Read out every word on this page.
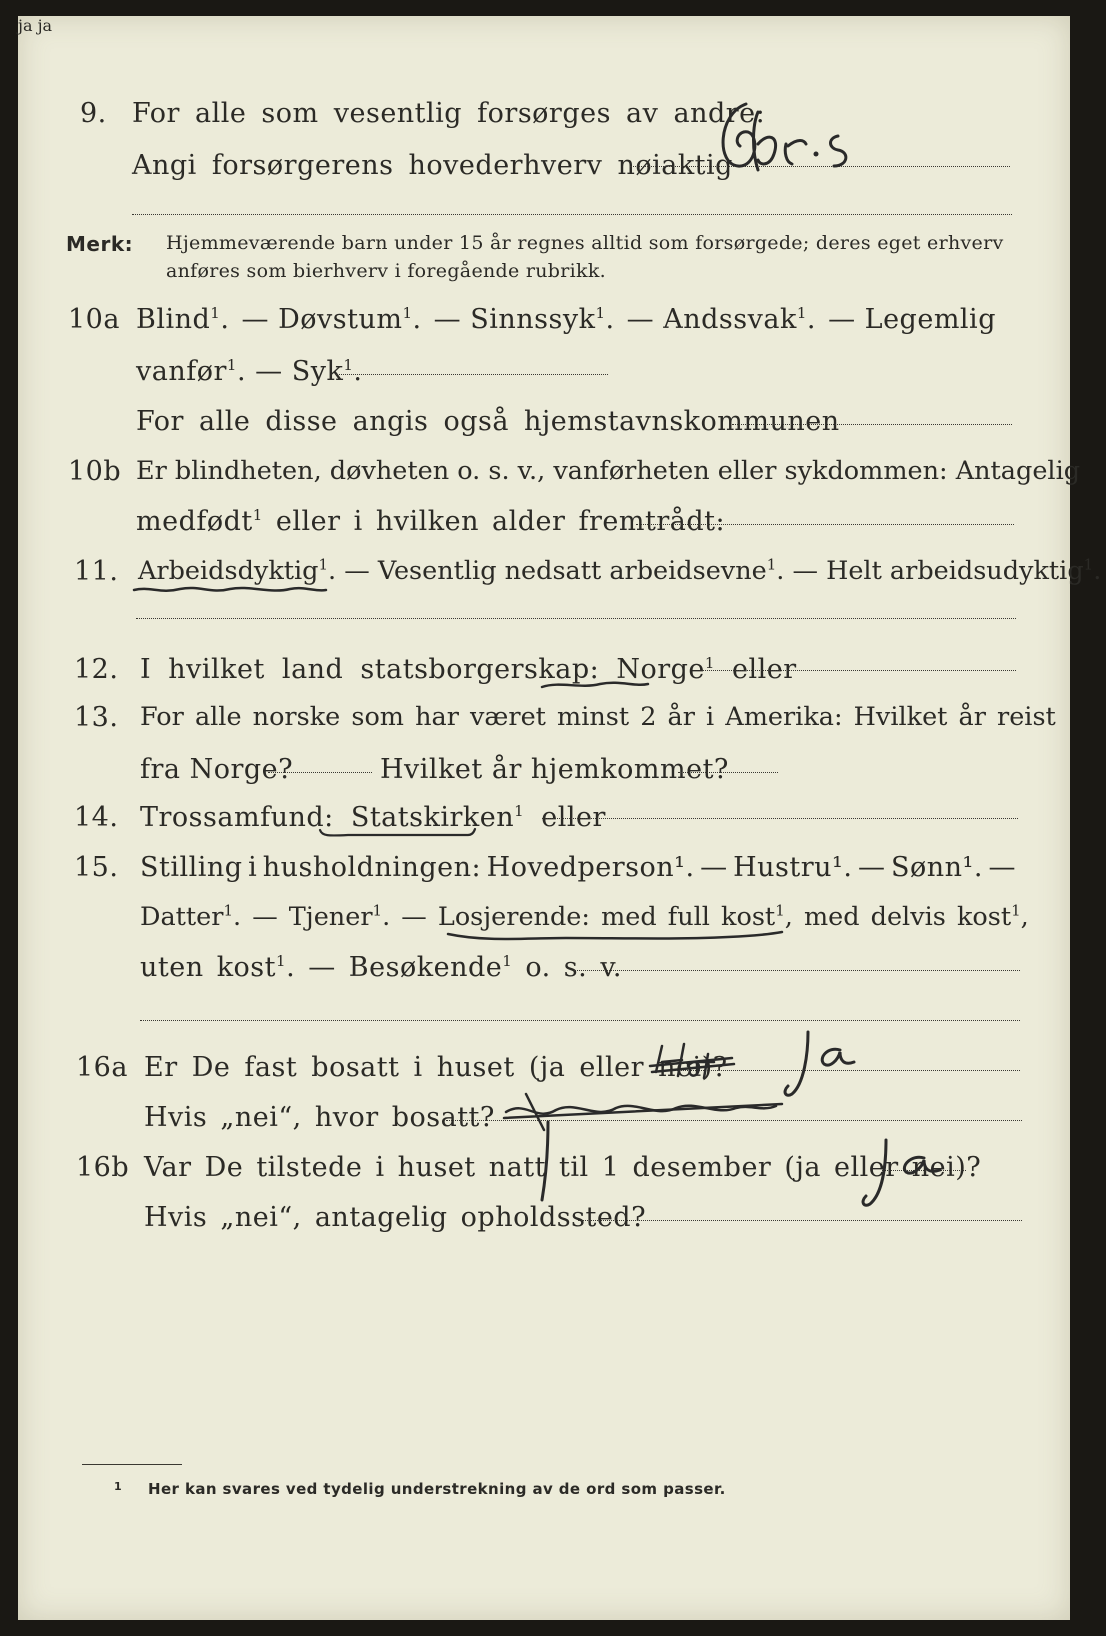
9. For alle som vesentlig forsørges av andre:
Angi forsørgerens hovederhverv nøiaktig
Merk: Hjemmeværende barn under 15 år regnes alltid som forsørgede; deres eget erhverv
anføres som bierhverv i foregående rubrikk.
10a Blind$^1$. — Døvstum$^1$. — Sinnssyk$^1$. — Andssvak$^1$. — Legemlig
vanfør$^1$. — Syk$^1$.
For alle disse angis også hjemstavnskommunen
10b Er blindheten, døvheten o. s. v., vanførheten eller sykdommen: Antagelig
medfødt$^1$ eller i hvilken alder fremtrådt:
11. Arbeidsdyktig$^1$. — Vesentlig nedsatt arbeidsevne$^1$. — Helt arbeidsudyktig$^1$.
12. I hvilket land statsborgerskap: Norge$^1$ eller
13. For alle norske som har været minst 2 år i Amerika: Hvilket år reist
fra Norge?	Hvilket år hjemkommet?
14. Trossamfund: Statskirken$^1$ eller
15. Stilling i husholdningen: Hovedperson¹. — Hustru¹. — Sønn¹. —
Datter$^1$. — Tjener$^1$. — Losjerende: med full kost$^1$, med delvis kost$^1$,
uten kost$^1$. — Besøkende$^1$ o. s. v.
16a Er De fast bosatt i huset (ja eller nei)?
Hvis „nei“, hvor bosatt?
ja
16b Var De tilstede i huset natt til 1 desember (ja eller nei)?
Hvis „nei“, antagelig opholdssted?
ja
1 Her kan svares ved tydelig understrekning av de ord som passer.
